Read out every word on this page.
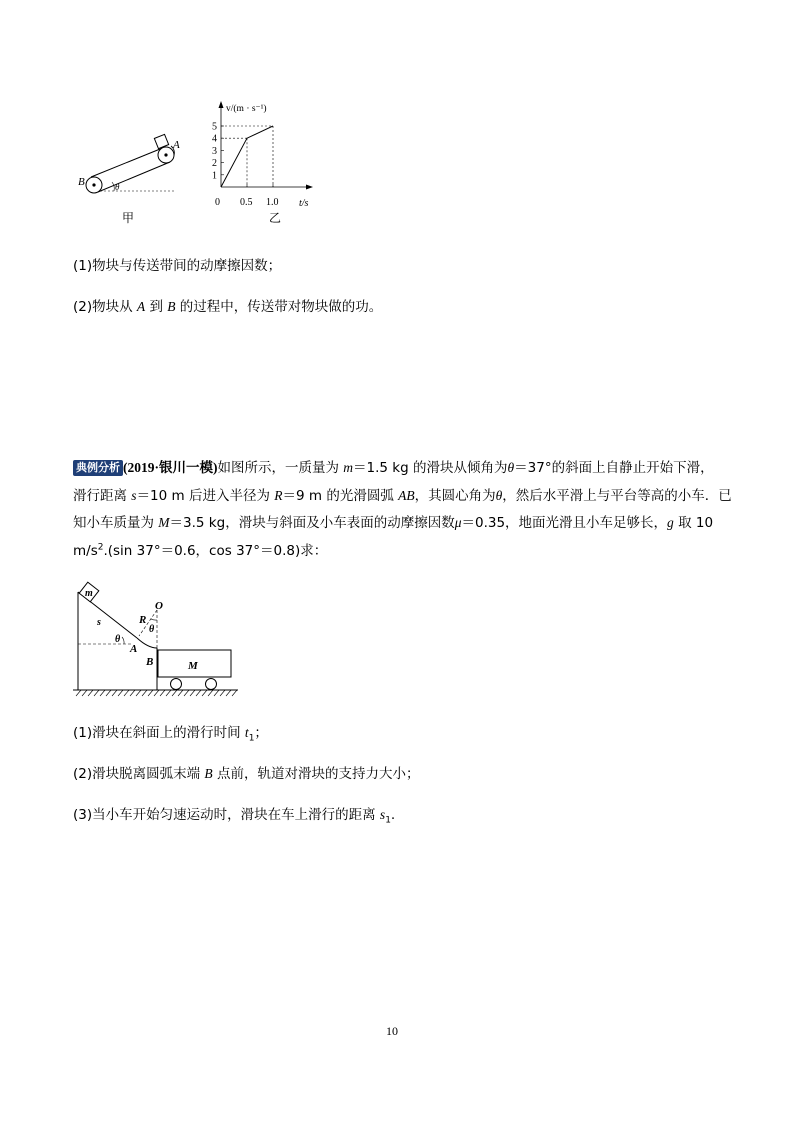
A
B	θ
甲
v/(m · s⁻¹)
t/s
0
1
2
3
4
5
0.5 1.0
乙
(1)物块与传送带间的动摩擦因数；
(2)物块从 A 到 B 的过程中，传送带对物块做的功。
典例分析 (2019·银川一模)如图所示，一质量为 m＝1.5 kg 的滑块从倾角为θ＝37°的斜面上自静止开始下滑，
滑行距离 s＝10 m 后进入半径为 R＝9 m 的光滑圆弧 AB，其圆心角为θ，然后水平滑上与平台等高的小车．已
知小车质量为 M＝3.5 kg，滑块与斜面及小车表面的动摩擦因数μ＝0.35，地面光滑且小车足够长，g 取 10
$m/s^2.(\sin$ 37°＝0.6，cos 37°＝0.8)求：
m
s	R
O
θ
θ
A
B	M
(1)滑块在斜面上的滑行时间 $t_1$；
(2)滑块脱离圆弧末端 B 点前，轨道对滑块的支持力大小；
(3)当小车开始匀速运动时，滑块在车上滑行的距离 $s_1$.
10
